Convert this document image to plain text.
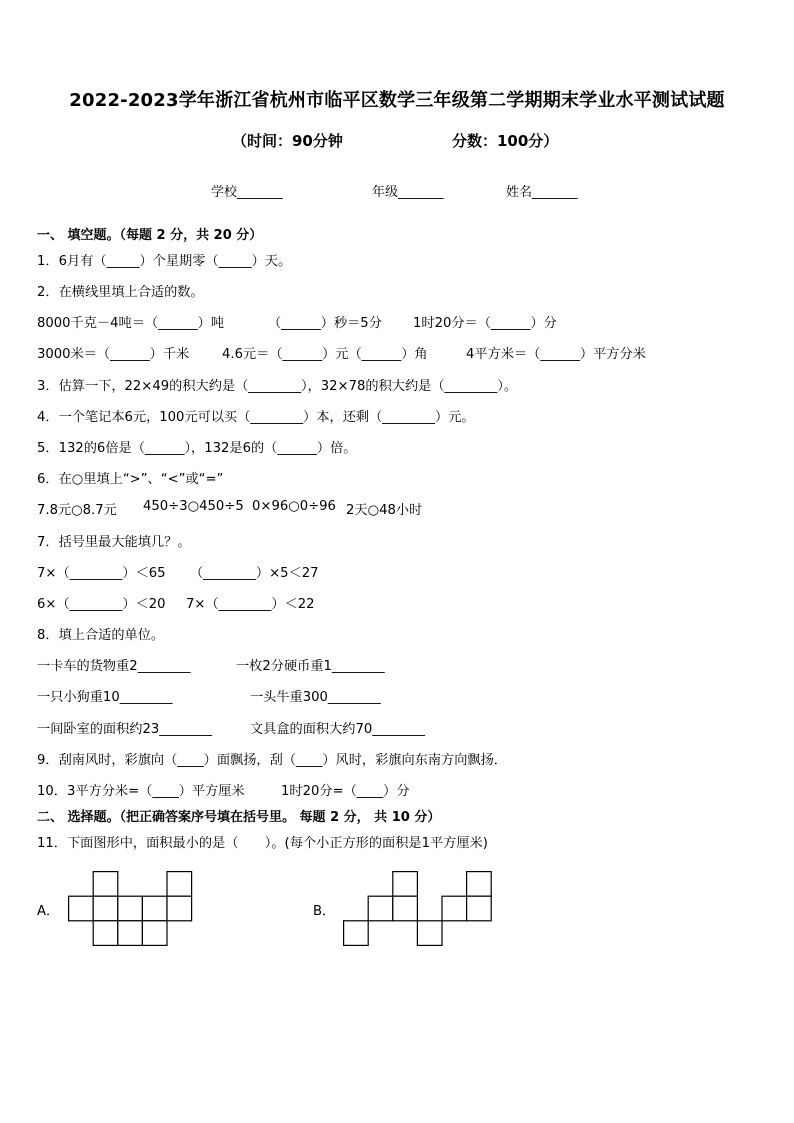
2022-2023学年浙江省杭州市临平区数学三年级第二学期期末学业水平测试试题
（时间：90分钟	分数：100分）
学校_______	年级_______	姓名_______
一、 填空题。（每题 2 分，共 20 分）
1．6月有（_____）个星期零（_____）天。
2．在横线里填上合适的数。
8000千克－4吨＝（______）吨	（______）秒＝5分 1时20分＝（______）分
3000米＝（______）千米 4.6元＝（______）元（______）角	4平方米＝（______）平方分米
3．估算一下，22×49的积大约是（________），32×78的积大约是（________）。
4．一个笔记本6元，100元可以买（________）本，还剩（________）元。
5．132的6倍是（______），132是6的（______）倍。
6．在○里填上“>”、“<”或“=”
7.8元○8.7元 450÷3○450÷5 0×96○0÷96 2天○48小时
7．括号里最大能填几？。
7×（________）＜65 （________）×5＜27
6×（________）＜20 7×（________）＜22
8．填上合适的单位。
一卡车的货物重2________	一枚2分硬币重1________
一只小狗重10________	一头牛重300________
一间卧室的面积约23________	文具盒的面积大约70________
9．刮南风时，彩旗向（____）面飘扬，刮（____）风时，彩旗向东南方向飘扬．
10．3平方分米=（____）平方厘米	1时20分=（____）分
二、 选择题。（把正确答案序号填在括号里。 每题 2 分， 共 10 分）
11．下面图形中，面积最小的是（　　）。(每个小正方形的面积是1平方厘米)
A．	B．
